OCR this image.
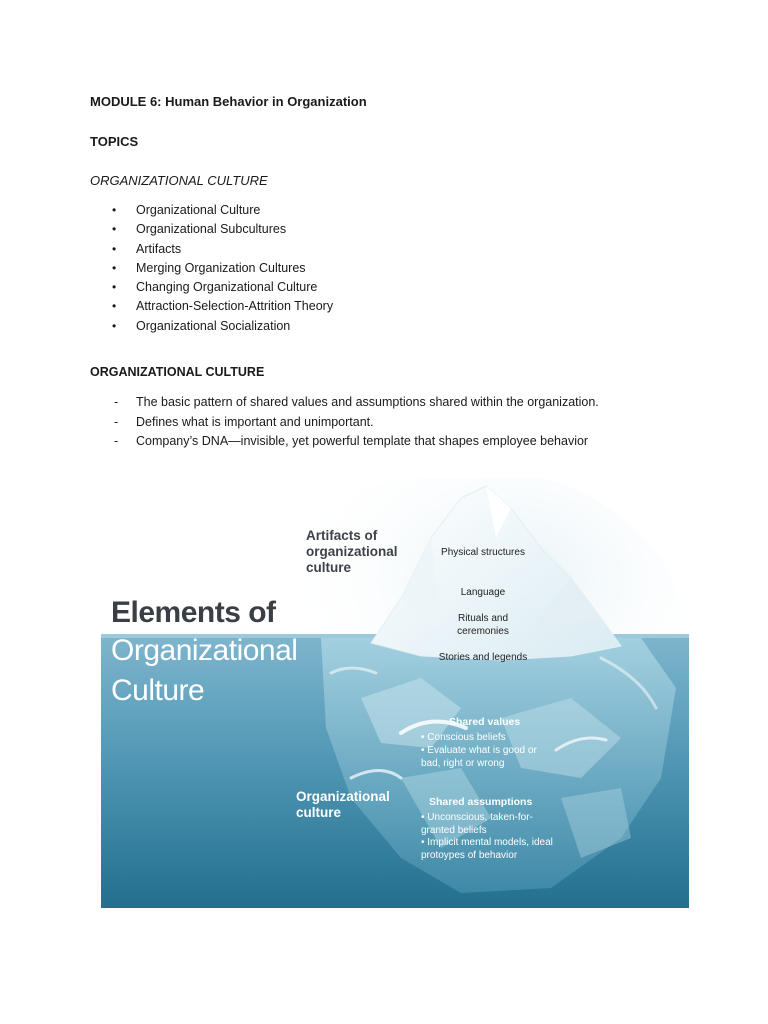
MODULE 6: Human Behavior in Organization
TOPICS
ORGANIZATIONAL CULTURE
• Organizational Culture
• Organizational Subcultures
• Artifacts
• Merging Organization Cultures
• Changing Organizational Culture
• Attraction-Selection-Attrition Theory
• Organizational Socialization
ORGANIZATIONAL CULTURE
- The basic pattern of shared values and assumptions shared within the organization.
- Defines what is important and unimportant.
- Company’s DNA—invisible, yet powerful template that shapes employee behavior
Elements of
Organizational
Culture
Artifacts of organizational culture
Organizational culture
Physical structures
Language
Rituals and ceremonies
Stories and legends
Shared values
• Conscious beliefs
• Evaluate what is good or bad, right or wrong
Shared assumptions
• Unconscious, taken-for-granted beliefs
• Implicit mental models, ideal protoypes of behavior
